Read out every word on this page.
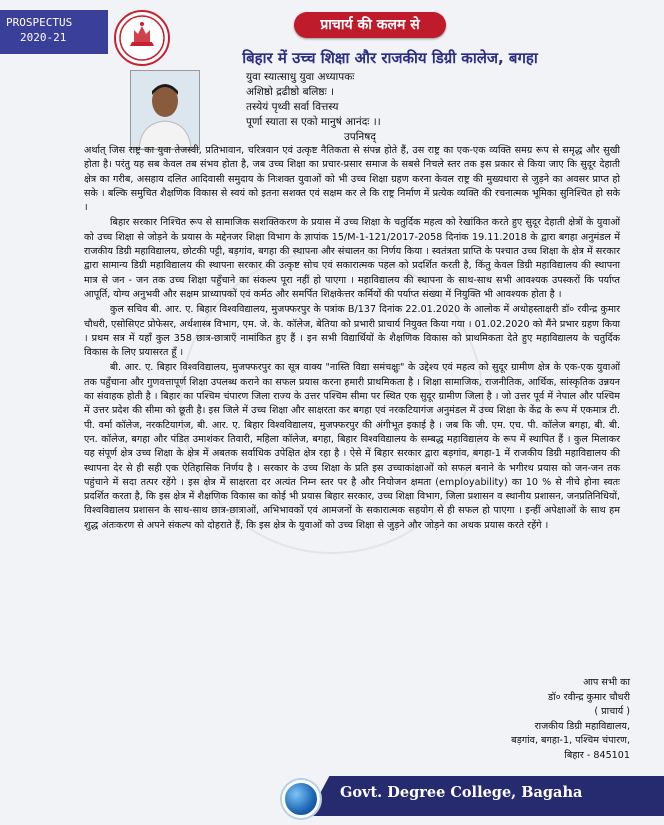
PROSPECTUS
2020-21
प्राचार्य की कलम से
बिहार में उच्च शिक्षा और राजकीय डिग्री कालेज, बगहा
युवा स्यात्साधु युवा अध्यापकः
अशिष्ठो द्रढीष्ठो बलिष्ठः ।
तस्येयं पृथ्वी सर्वा वित्तस्य
पूर्णा स्याता स एको मानुषं आनंदः ।।
उपनिषद्

अर्थात् जिस राष्ट्र का युवा तेजस्वी, प्रतिभावान, चरित्रवान एवं उत्कृष्ट नैतिकता से संपन्न होते हैं, उस राष्ट्र का एक-एक व्यक्ति समग्र रूप से समृद्ध और सुखी होता है। परंतु यह सब केवल तब संभव होता है, जब उच्च शिक्षा का प्रचार-प्रसार समाज के सबसे निचले स्तर तक इस प्रकार से किया जाए कि सुदूर देहाती क्षेत्र का गरीब, असहाय दलित आदिवासी समुदाय के निःशक्त युवाओं को भी उच्च शिक्षा ग्रहण करना केवल राष्ट्र की मुख्यधारा से जुड़ने का अवसर प्राप्त हो सके । बल्कि समुचित शैक्षणिक विकास से स्वयं को इतना सशक्त एवं सक्षम कर ले कि राष्ट्र निर्माण में प्रत्येक व्यक्ति की रचनात्मक भूमिका सुनिश्चित हो सके ।

बिहार सरकार निश्चित रूप से सामाजिक सशक्तिकरण के प्रयास में उच्च शिक्षा के चतुर्दिक महत्व को रेखांकित करते हुए सुदूर देहाती क्षेत्रों के युवाओं को उच्च शिक्षा से जोड़ने के प्रयास के मद्देनजर शिक्षा विभाग के ज्ञापांक 15/M-1-121/2017-2058 दिनांक 19.11.2018 के द्वारा बगहा अनुमंडल में राजकीय डिग्री महाविद्यालय, छोटकी पट्टी, बड़गांव, बगहा की स्थापना और संचालन का निर्णय किया । स्वतंत्रता प्राप्ति के पश्चात उच्च शिक्षा के क्षेत्र में सरकार द्वारा सामान्य डिग्री महाविद्यालय की स्थापना सरकार की उत्कृष्ट सोच एवं सकारात्मक पहल को प्रदर्शित करती है, किंतु केवल डिग्री महाविद्यालय की स्थापना मात्र से जन - जन तक उच्च शिक्षा पहुँचाने का संकल्प पूरा नहीं हो पाएगा । महाविद्यालय की स्थापना के साथ-साथ सभी आवश्यक उपस्करों कि पर्याप्त आपूर्ति, योग्य अनुभवी और सक्षम प्राध्यापकों एवं कर्मठ और समर्पित शिक्षकेत्तर कर्मियों की पर्याप्त संख्या में नियुक्ति भी आवश्यक होता है ।

कुल सचिव बी. आर. ए. बिहार विश्वविद्यालय, मुजफ्फरपुर के पत्रांक B/137 दिनांक 22.01.2020 के आलोक में अधोहस्ताक्षरी डॉ० रवीन्द्र कुमार चौधरी, एसोसिएट प्रोफेसर, अर्थशास्त्र विभाग, एम. जे. के. कॉलेज, बेतिया को प्रभारी प्राचार्य नियुक्त किया गया । 01.02.2020 को मैंने प्रभार ग्रहण किया । प्रथम सत्र में यहाँ कुल 358 छात्र-छात्राएँ नामांकित हुए हैं । इन सभी विद्यार्थियों के शैक्षणिक विकास को प्राथमिकता देते हुए महाविद्यालय के चतुर्दिक विकास के लिए प्रयासरत हूँ ।

बी. आर. ए. बिहार विश्वविद्यालय, मुजफ्फरपुर का सूत्र वाक्य "नास्ति विद्या समंचक्षुः" के उद्देश्य एवं महत्व को सुदूर ग्रामीण क्षेत्र के एक-एक युवाओं तक पहुँचाना और गुणवत्तापूर्ण शिक्षा उपलब्ध कराने का सफल प्रयास करना हमारी प्राथमिकता है । शिक्षा सामाजिक, राजनीतिक, आर्थिक, सांस्कृतिक उन्नयन का संवाहक होती है । बिहार का पश्चिम चंपारण जिला राज्य के उत्तर पश्चिम सीमा पर स्थित एक सुदूर ग्रामीण जिला है । जो उत्तर पूर्व में नेपाल और पश्चिम में उत्तर प्रदेश की सीमा को छूती है। इस जिले में उच्च शिक्षा और साक्षरता कर बगहा एवं नरकटियागंज अनुमंडल में उच्च शिक्षा के केंद्र के रूप में एकमात्र टी. पी. वर्मा कॉलेज, नरकटियागंज, बी. आर. ए. बिहार विश्वविद्यालय, मुजफ्फरपुर की अंगीभूत इकाई है । जब कि जी. एम. एच. पी. कॉलेज बगहा, बी. बी. एन. कॉलेज, बगहा और पंडित उमाशंकर तिवारी, महिला कॉलेज, बगहा, बिहार विश्वविद्यालय के सम्बद्ध महाविद्यालय के रूप में स्थापित हैं । कुल मिलाकर यह संपूर्ण क्षेत्र उच्च शिक्षा के क्षेत्र में अबतक सर्वाधिक उपेक्षित क्षेत्र रहा है । ऐसे में बिहार सरकार द्वारा बड़गांव, बगहा-1 में राजकीय डिग्री महाविद्यालय की स्थापना देर से ही सही एक ऐतिहासिक निर्णय है । सरकार के उच्च शिक्षा के प्रति इस उच्चाकांक्षाओं को सफल बनाने के भगीरथ प्रयास को जन-जन तक पहुंचाने में सदा तत्पर रहेंगे । इस क्षेत्र में साक्षरता दर अत्यंत निम्न स्तर पर है और नियोजन क्षमता (employability) का 10 % से नीचे होना स्वतः प्रदर्शित करता है, कि इस क्षेत्र में शैक्षणिक विकास का कोई भी प्रयास बिहार सरकार, उच्च शिक्षा विभाग, जिला प्रशासन व स्थानीय प्रशासन, जनप्रतिनिधियों, विश्वविद्यालय प्रशासन के साथ-साथ छात्र-छात्राओं, अभिभावकों एवं आमजनों के सकारात्मक सहयोग से ही सफल हो पाएगा । इन्हीं अपेक्षाओं के साथ हम शुद्ध अंतःकरण से अपने संकल्प को दोहराते हैं, कि इस क्षेत्र के युवाओं को उच्च शिक्षा से जुड़ने और जोड़ने का अथक प्रयास करते रहेंगे ।

आप सभी का
डॉ० रवीन्द्र कुमार चौधरी
( प्राचार्य )
राजकीय डिग्री महाविद्यालय,
बड़गांव, बगहा-1, पश्चिम चंपारण,
बिहार - 845101
Govt. Degree College, Bagaha
